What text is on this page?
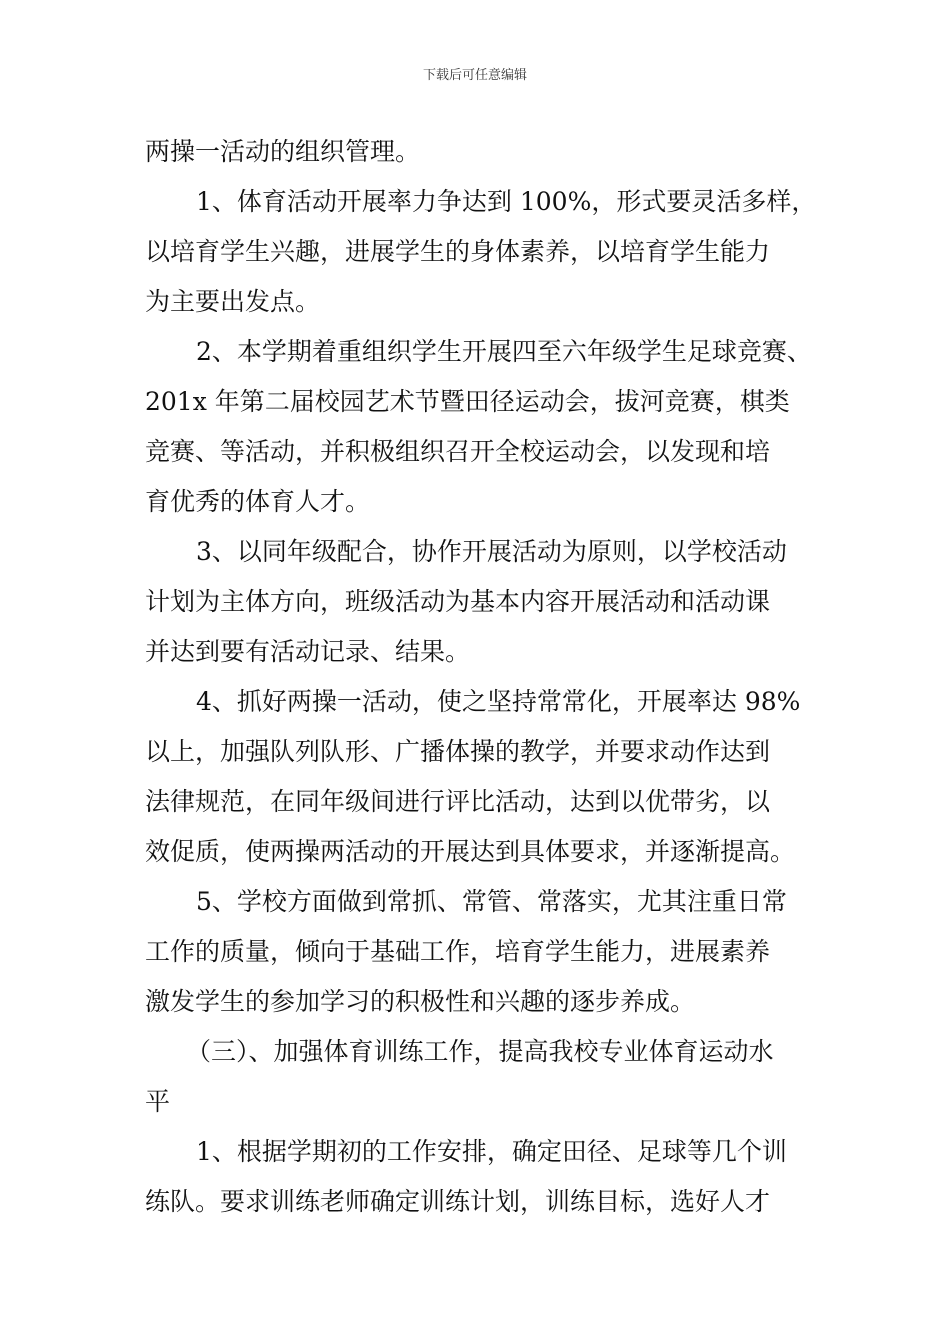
下载后可任意编辑
两操一活动的组织管理。
1、体育活动开展率力争达到 100%，形式要灵活多样，
以培育学生兴趣，进展学生的身体素养，以培育学生能力
为主要出发点。
2、本学期着重组织学生开展四至六年级学生足球竞赛、
201x 年第二届校园艺术节暨田径运动会，拔河竞赛，棋类
竞赛、等活动，并积极组织召开全校运动会，以发现和培
育优秀的体育人才。
3、以同年级配合，协作开展活动为原则，以学校活动
计划为主体方向，班级活动为基本内容开展活动和活动课
并达到要有活动记录、结果。
4、抓好两操一活动，使之坚持常常化，开展率达 98%
以上，加强队列队形、广播体操的教学，并要求动作达到
法律规范，在同年级间进行评比活动，达到以优带劣，以
效促质，使两操两活动的开展达到具体要求，并逐渐提高。
5、学校方面做到常抓、常管、常落实，尤其注重日常
工作的质量，倾向于基础工作，培育学生能力，进展素养
激发学生的参加学习的积极性和兴趣的逐步养成。
（三）、加强体育训练工作，提高我校专业体育运动水
平
1、根据学期初的工作安排，确定田径、足球等几个训
练队。要求训练老师确定训练计划，训练目标，选好人才
